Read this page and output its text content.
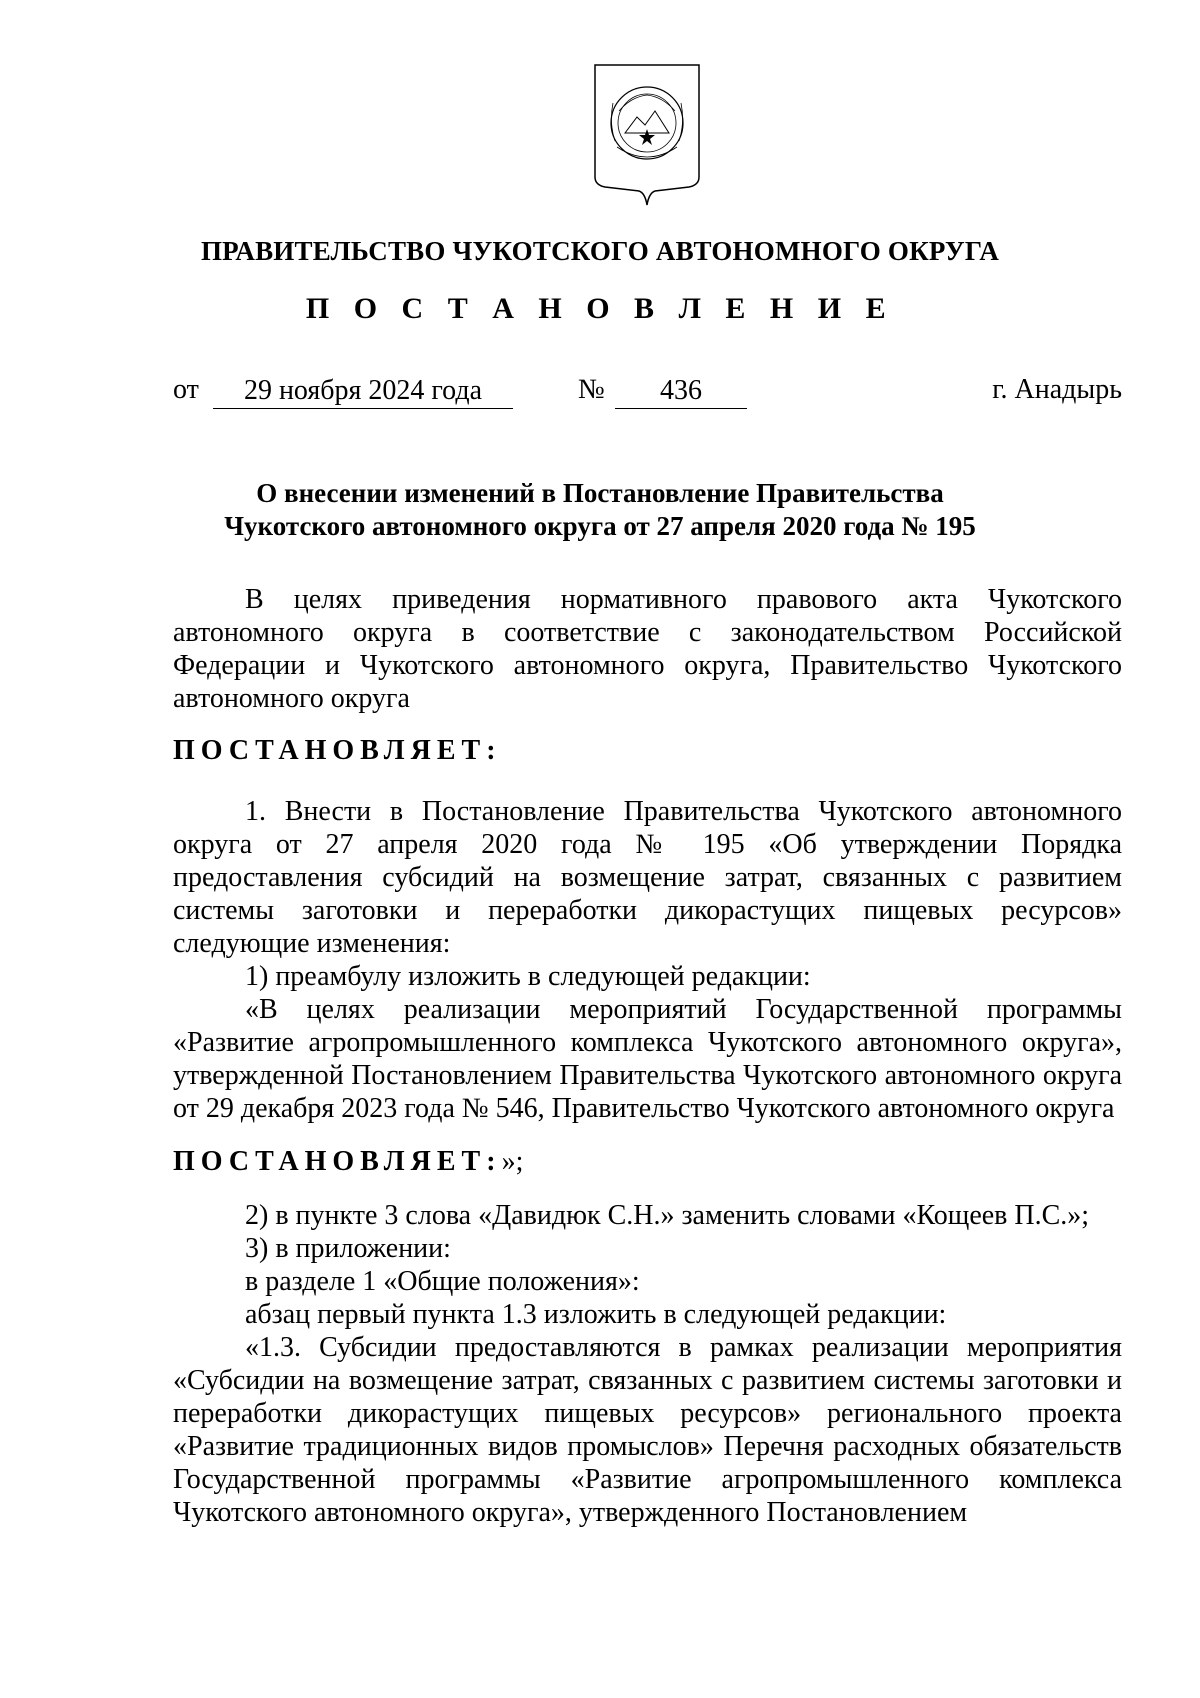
ПРАВИТЕЛЬСТВО ЧУКОТСКОГО АВТОНОМНОГО ОКРУГА
П О С Т А Н О В Л Е Н И Е
от	29 ноября 2024 года	№	436	г. Анадырь
О внесении изменений в Постановление Правительства
Чукотского автономного округа от 27 апреля 2020 года № 195

В целях приведения нормативного правового акта Чукотского автономного округа в соответствие с законодательством Российской Федерации и Чукотского автономного округа, Правительство Чукотского автономного округа

ПОСТАНОВЛЯЕТ:

1. Внести в Постановление Правительства Чукотского автономного округа от 27 апреля 2020 года № 195 «Об утверждении Порядка предоставления субсидий на возмещение затрат, связанных с развитием системы заготовки и переработки дикорастущих пищевых ресурсов» следующие изменения:

1) преамбулу изложить в следующей редакции:

«В целях реализации мероприятий Государственной программы «Развитие агропромышленного комплекса Чукотского автономного округа», утвержденной Постановлением Правительства Чукотского автономного округа от 29 декабря 2023 года № 546, Правительство Чукотского автономного округа

ПОСТАНОВЛЯЕТ:»;

2) в пункте 3 слова «Давидюк С.Н.» заменить словами «Кощеев П.С.»;

3) в приложении:

в разделе 1 «Общие положения»:

абзац первый пункта 1.3 изложить в следующей редакции:

«1.3. Субсидии предоставляются в рамках реализации мероприятия «Субсидии на возмещение затрат, связанных с развитием системы заготовки и переработки дикорастущих пищевых ресурсов» регионального проекта «Развитие традиционных видов промыслов» Перечня расходных обязательств Государственной программы «Развитие агропромышленного комплекса Чукотского автономного округа», утвержденного Постановлением
